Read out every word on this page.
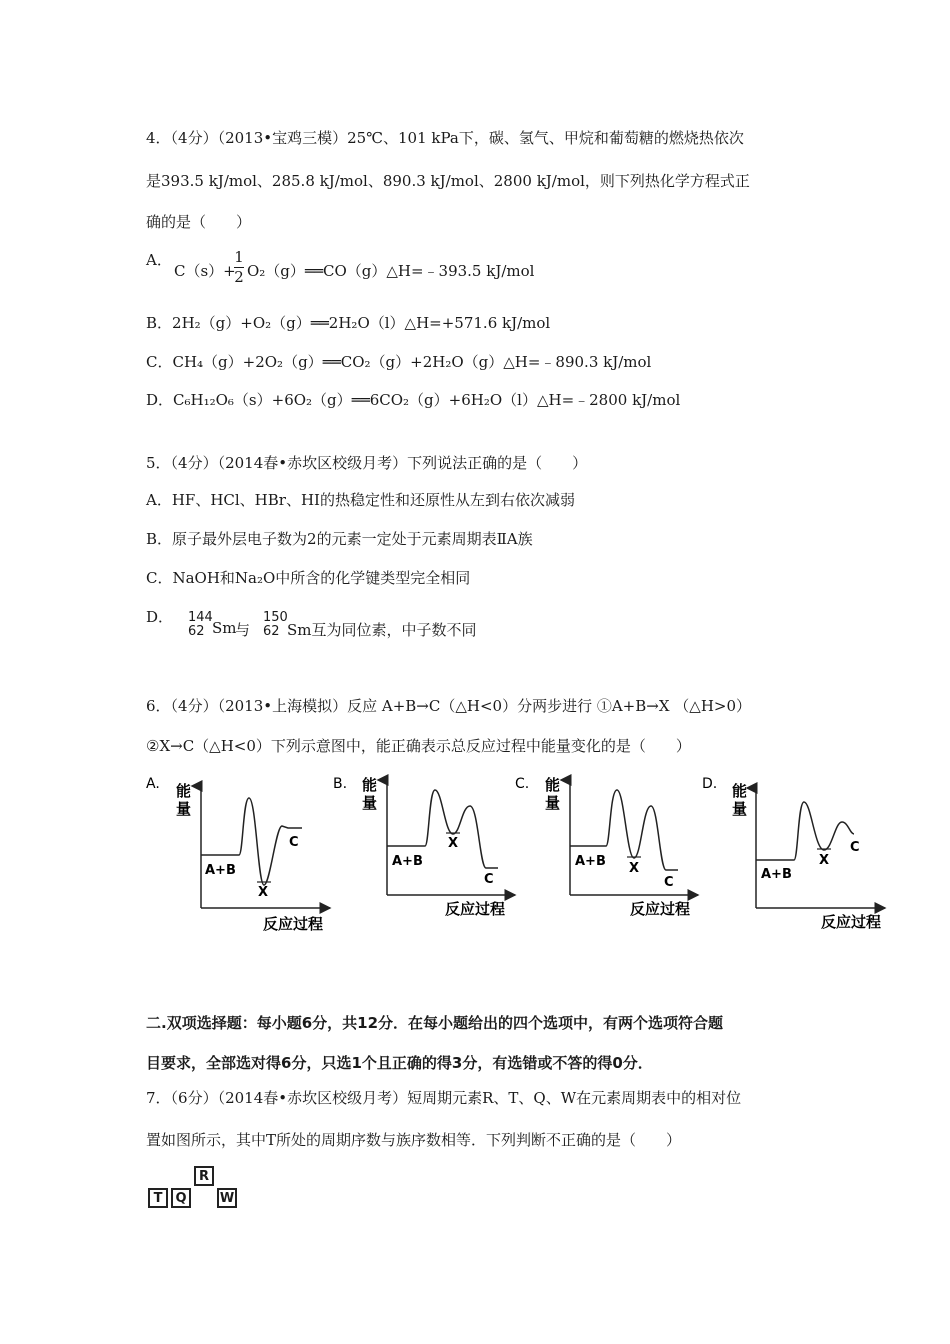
4．（4分）（2013•宝鸡三模）25℃、101 kPa下，碳、氢气、甲烷和葡萄糖的燃烧热依次
是393.5 kJ/mol、285.8 kJ/mol、890.3 kJ/mol、2800 kJ/mol，则下列热化学方程式正
确的是（　　）
A．
C（s）+
1
2 O₂（g）══CO（g）△H=﹣393.5 kJ/mol
B．2H₂（g）+O₂（g）══2H₂O（l）△H=+571.6 kJ/mol
C．CH₄（g）+2O₂（g）══CO₂（g）+2H₂O（g）△H=﹣890.3 kJ/mol
D．C₆H₁₂O₆（s）+6O₂（g）══6CO₂（g）+6H₂O（l）△H=﹣2800 kJ/mol
5．（4分）（2014春•赤坎区校级月考）下列说法正确的是（　　）
A．HF、HCl、HBr、HI的热稳定性和还原性从左到右依次减弱
B．原子最外层电子数为2的元素一定处于元素周期表ⅡA族
C．NaOH和Na₂O中所含的化学键类型完全相同
D． 144
62 Sm
与
150
62 Sm互为同位素，中子数不同
6．（4分）（2013•上海模拟）反应 A+B→C（△H<0）分两步进行 ①A+B→X （△H>0）
②X→C（△H<0）下列示意图中，能正确表示总反应过程中能量变化的是（　　）
A. 能
量
A+B
X
C
反应过程
B. 能
量
A+B
X
C
反应过程
C. 能
量
A+B X
C
反应过程
D. 能
量
A+B
X
C
反应过程
二.双项选择题：每小题6分，共12分．在每小题给出的四个选项中，有两个选项符合题
目要求，全部选对得6分，只选1个且正确的得3分，有选错或不答的得0分．
7．（6分）（2014春•赤坎区校级月考）短周期元素R、T、Q、W在元素周期表中的相对位
置如图所示，其中T所处的周期序数与族序数相等．下列判断不正确的是（　　）
R
T	Q	W
